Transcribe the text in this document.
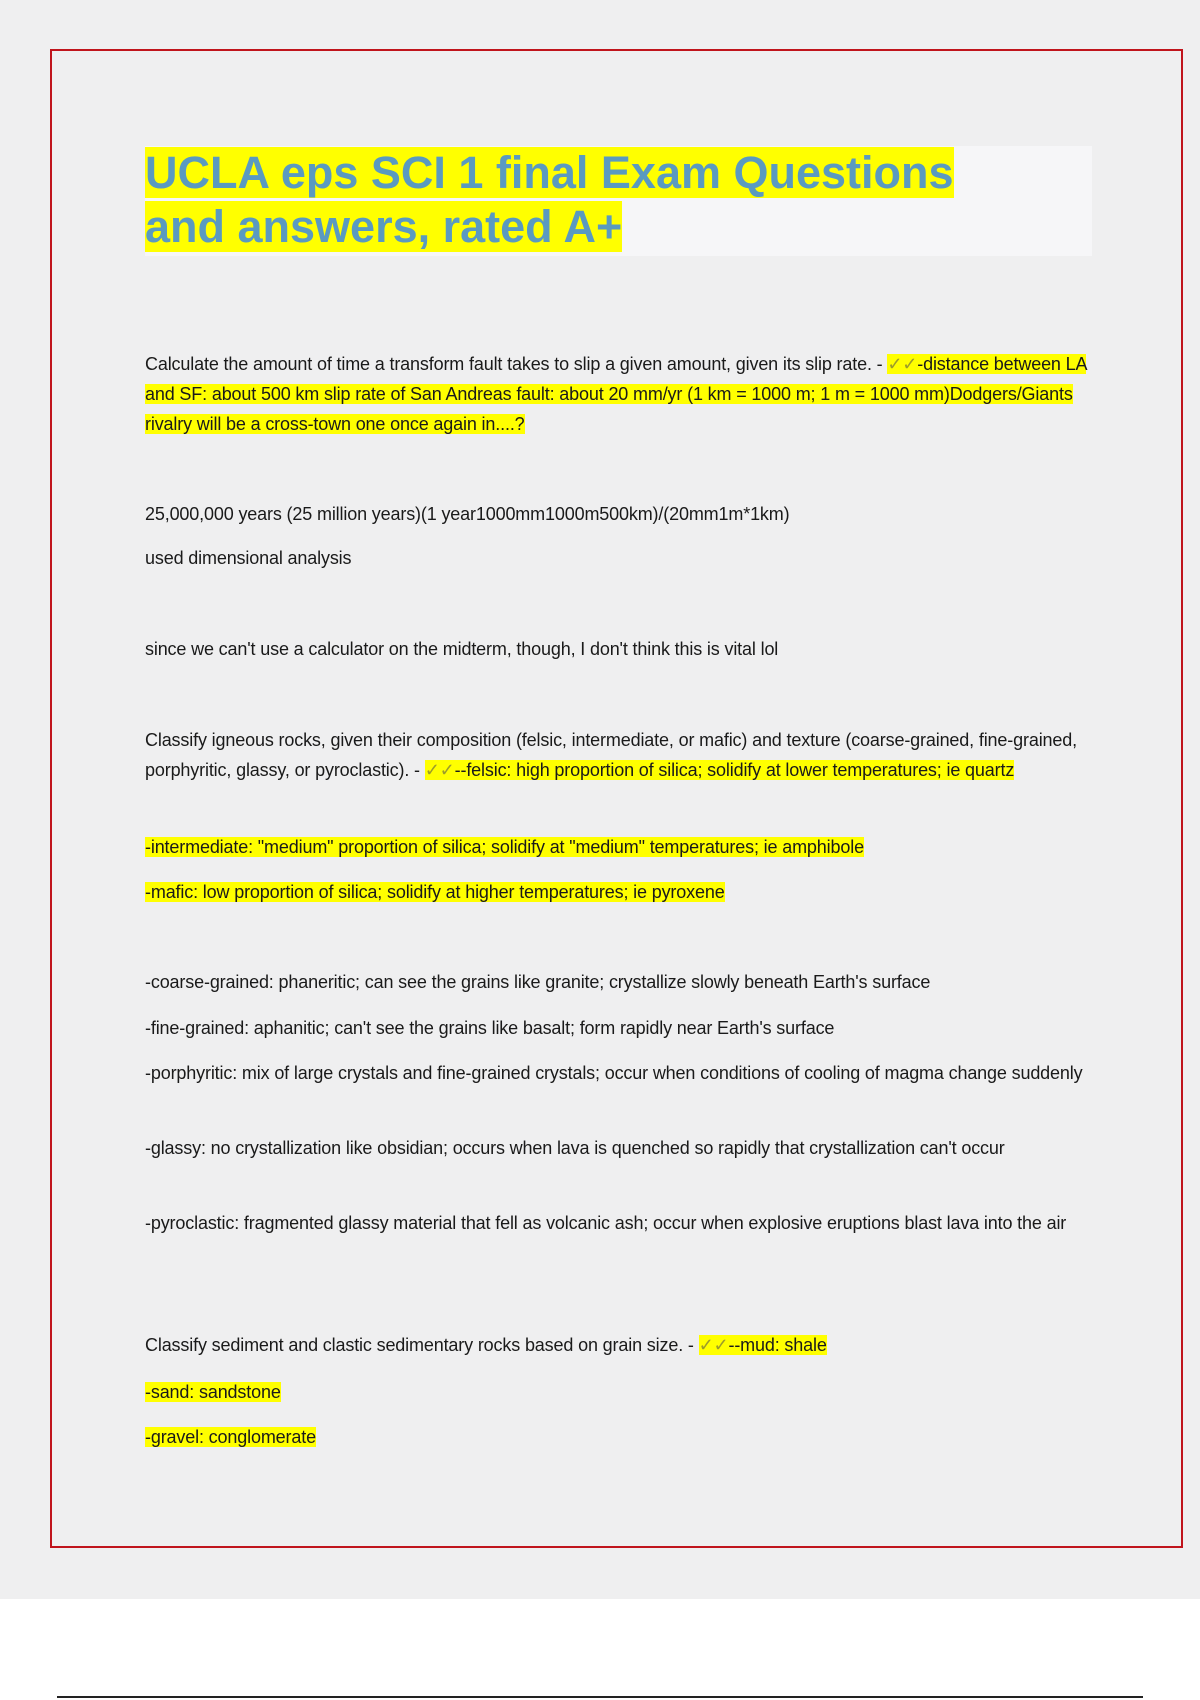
UCLA eps SCI 1 final Exam Questions and answers, rated A+

Calculate the amount of time a transform fault takes to slip a given amount, given its slip rate. - ✓✓-distance between LA and SF: about 500 km slip rate of San Andreas fault: about 20 mm/yr (1 km = 1000 m; 1 m = 1000 mm)Dodgers/Giants rivalry will be a cross-town one once again in....?

25,000,000 years (25 million years)(1 year1000mm1000m500km)/(20mm1m*1km)

used dimensional analysis

since we can't use a calculator on the midterm, though, I don't think this is vital lol

Classify igneous rocks, given their composition (felsic, intermediate, or mafic) and texture (coarse-grained, fine-grained, porphyritic, glassy, or pyroclastic). - ✓✓--felsic: high proportion of silica; solidify at lower temperatures; ie quartz

-intermediate: "medium" proportion of silica; solidify at "medium" temperatures; ie amphibole

-mafic: low proportion of silica; solidify at higher temperatures; ie pyroxene

-coarse-grained: phaneritic; can see the grains like granite; crystallize slowly beneath Earth's surface

-fine-grained: aphanitic; can't see the grains like basalt; form rapidly near Earth's surface

-porphyritic: mix of large crystals and fine-grained crystals; occur when conditions of cooling of magma change suddenly

-glassy: no crystallization like obsidian; occurs when lava is quenched so rapidly that crystallization can't occur

-pyroclastic: fragmented glassy material that fell as volcanic ash; occur when explosive eruptions blast lava into the air

Classify sediment and clastic sedimentary rocks based on grain size. - ✓✓--mud: shale

-sand: sandstone

-gravel: conglomerate
